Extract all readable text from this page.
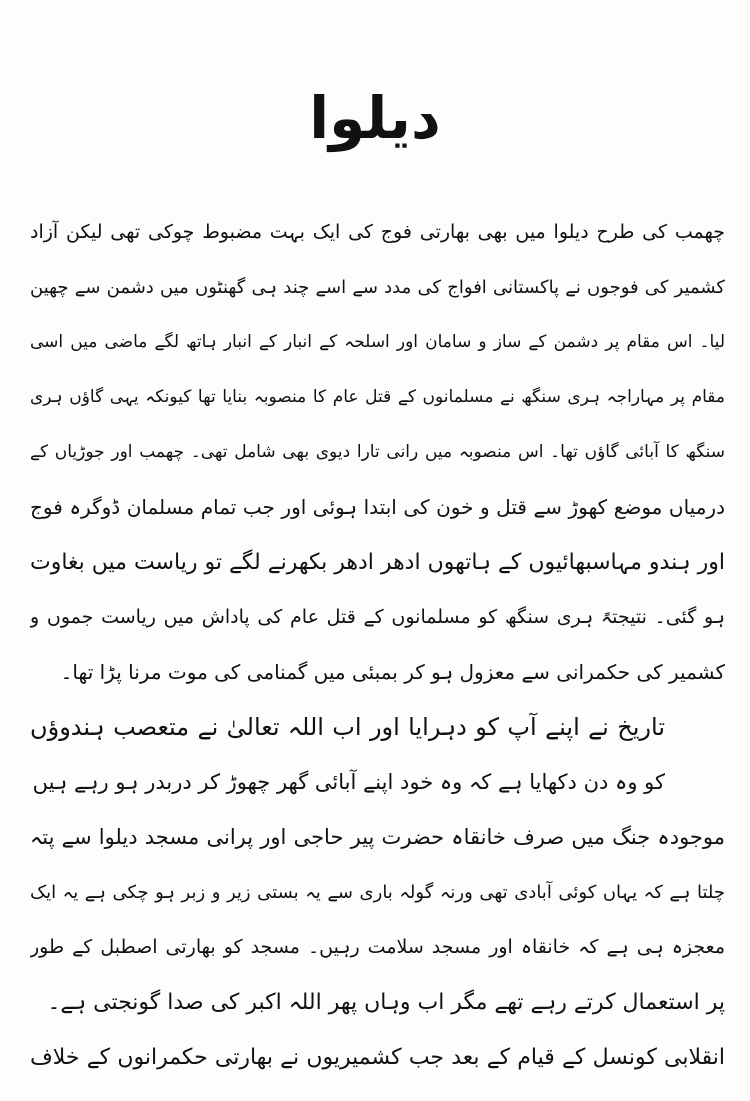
دیلوا
چھمب کی طرح دیلوا میں بھی بھارتی فوج کی ایک بہت مضبوط چوکی تھی لیکن آزاد
کشمیر کی فوجوں نے پاکستانی افواج کی مدد سے اسے چند ہی گھنٹوں میں دشمن سے چھین
لیا۔ اس مقام پر دشمن کے ساز و سامان اور اسلحہ کے انبار کے انبار ہاتھ لگے ماضی میں اسی
مقام پر مہاراجہ ہری سنگھ نے مسلمانوں کے قتل عام کا منصوبہ بنایا تھا کیونکہ یہی گاؤں ہری
سنگھ کا آبائی گاؤں تھا۔ اس منصوبہ میں رانی تارا دیوی بھی شامل تھی۔ چھمب اور جوڑیاں کے
درمیاں موضع کھوڑ سے قتل و خون کی ابتدا ہوئی اور جب تمام مسلمان ڈوگرہ فوج
اور ہندو مہاسبھائیوں کے ہاتھوں ادھر ادھر بکھرنے لگے تو ریاست میں بغاوت
ہو گئی۔ نتیجتہً ہری سنگھ کو مسلمانوں کے قتل عام کی پاداش میں ریاست جموں و
کشمیر کی حکمرانی سے معزول ہو کر بمبئی میں گمنامی کی موت مرنا پڑا تھا۔
تاریخ نے اپنے آپ کو دہرایا اور اب اللہ تعالیٰ نے متعصب ہندوؤں
کو وہ دن دکھایا ہے کہ وہ خود اپنے آبائی گھر چھوڑ کر دربدر ہو رہے ہیں
موجودہ جنگ میں صرف خانقاہ حضرت پیر حاجی اور پرانی مسجد دیلوا سے پتہ
چلتا ہے کہ یہاں کوئی آبادی تھی ورنہ گولہ باری سے یہ بستی زیر و زبر ہو چکی ہے یہ ایک
معجزہ ہی ہے کہ خانقاہ اور مسجد سلامت رہیں۔ مسجد کو بھارتی اصطبل کے طور
پر استعمال کرتے رہے تھے مگر اب وہاں پھر اللہ اکبر کی صدا گونجتی ہے۔
انقلابی کونسل کے قیام کے بعد جب کشمیریوں نے بھارتی حکمرانوں کے خلاف
